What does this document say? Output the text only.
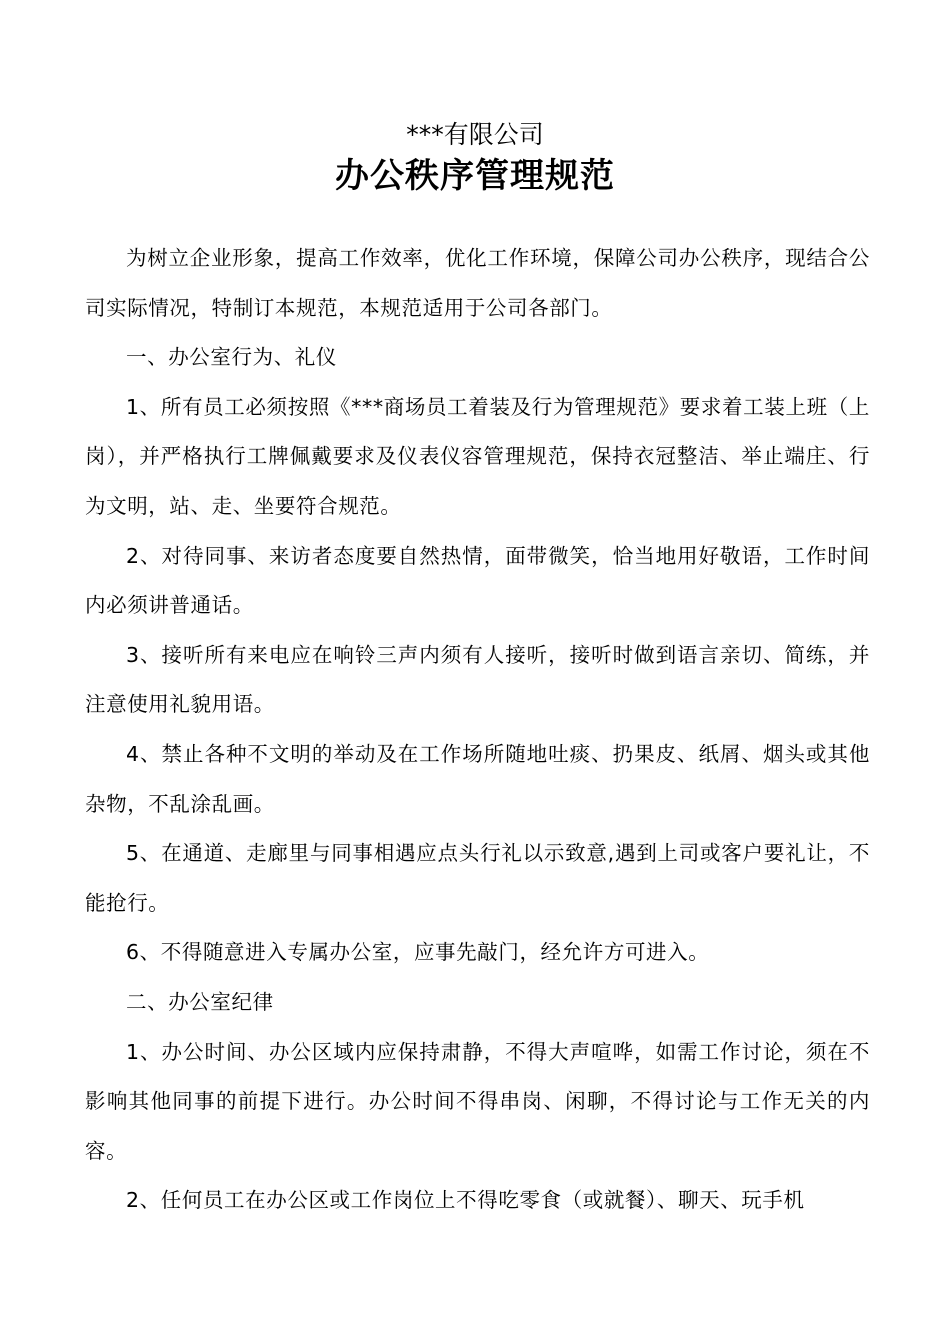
***有限公司
办公秩序管理规范

为树立企业形象，提高工作效率，优化工作环境，保障公司办公秩序，现结合公司实际情况，特制订本规范，本规范适用于公司各部门。

一、办公室行为、礼仪

1、所有员工必须按照《***商场员工着装及行为管理规范》要求着工装上班（上岗），并严格执行工牌佩戴要求及仪表仪容管理规范，保持衣冠整洁、举止端庄、行为文明，站、走、坐要符合规范。

2、对待同事、来访者态度要自然热情，面带微笑，恰当地用好敬语，工作时间内必须讲普通话。

3、接听所有来电应在响铃三声内须有人接听，接听时做到语言亲切、简练，并注意使用礼貌用语。

4、禁止各种不文明的举动及在工作场所随地吐痰、扔果皮、纸屑、烟头或其他杂物，不乱涂乱画。

5、在通道、走廊里与同事相遇应点头行礼以示致意,遇到上司或客户要礼让，不能抢行。

6、不得随意进入专属办公室，应事先敲门，经允许方可进入。

二、办公室纪律

1、办公时间、办公区域内应保持肃静，不得大声喧哗，如需工作讨论，须在不影响其他同事的前提下进行。办公时间不得串岗、闲聊，不得讨论与工作无关的内容。

2、任何员工在办公区或工作岗位上不得吃零食（或就餐）、聊天、玩手机
